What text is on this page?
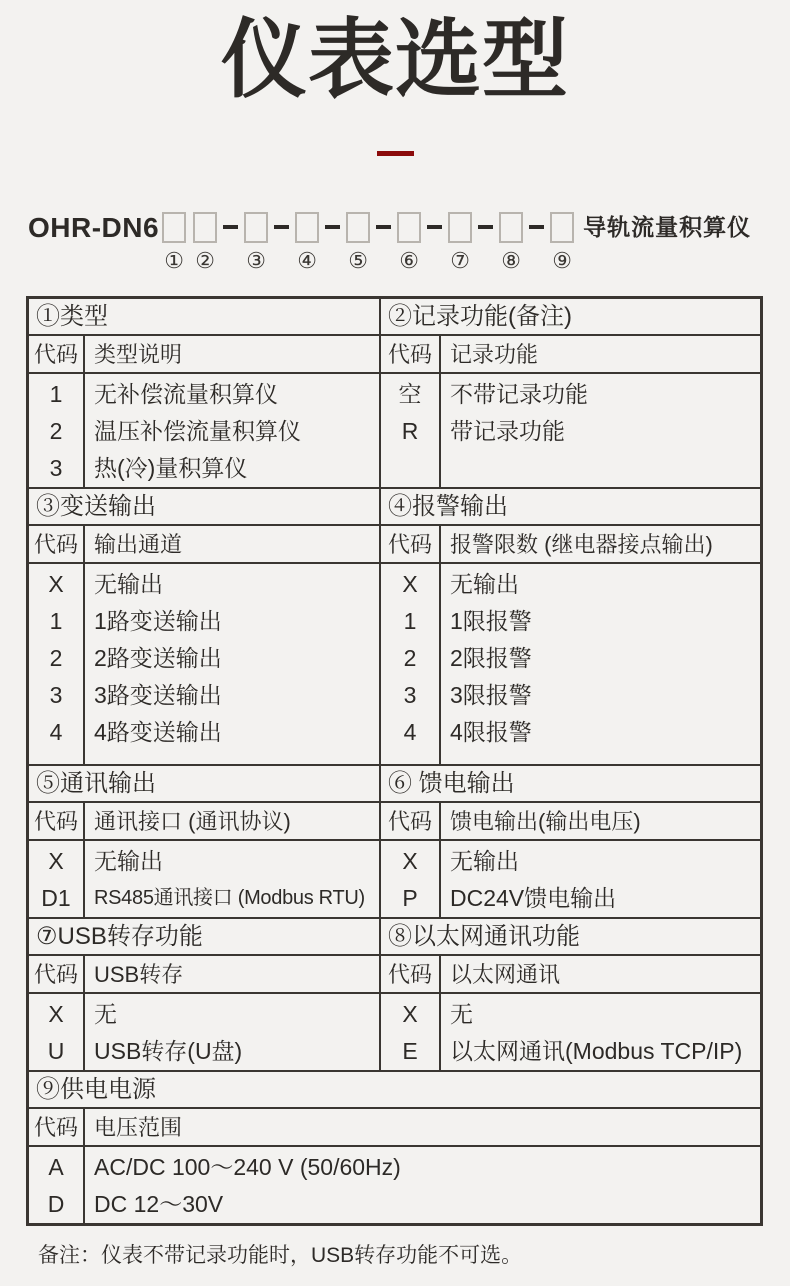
仪表选型
OHR-DN6
① ② ③ ④ ⑤ ⑥ ⑦ ⑧ ⑨
导轨流量积算仪
①类型
代码
1
2
3
类型说明
无补偿流量积算仪
温压补偿流量积算仪
热(冷)量积算仪
②记录功能(备注)
代码
空
R
记录功能
不带记录功能
带记录功能
③变送输出
代码
X
1
2
3
4
输出通道
无输出
1路变送输出
2路变送输出
3路变送输出
4路变送输出
④报警输出
代码
X
1
2
3
4
报警限数 (继电器接点输出)
无输出
1限报警
2限报警
3限报警
4限报警
⑤通讯输出
代码
X
D1
通讯接口 (通讯协议)
无输出
RS485通讯接口 (Modbus RTU)
⑥ 馈电输出
代码
X
P
馈电输出(输出电压)
无输出
DC24V馈电输出
⑦USB转存功能
代码
X
U
USB转存
无
USB转存(U盘)
⑧以太网通讯功能
代码
X
E
以太网通讯
无
以太网通讯(Modbus TCP/IP)
⑨供电电源
代码
A
D
电压范围
AC/DC 100～240 V (50/60Hz)
DC 12～30V
备注：仪表不带记录功能时，USB转存功能不可选。
